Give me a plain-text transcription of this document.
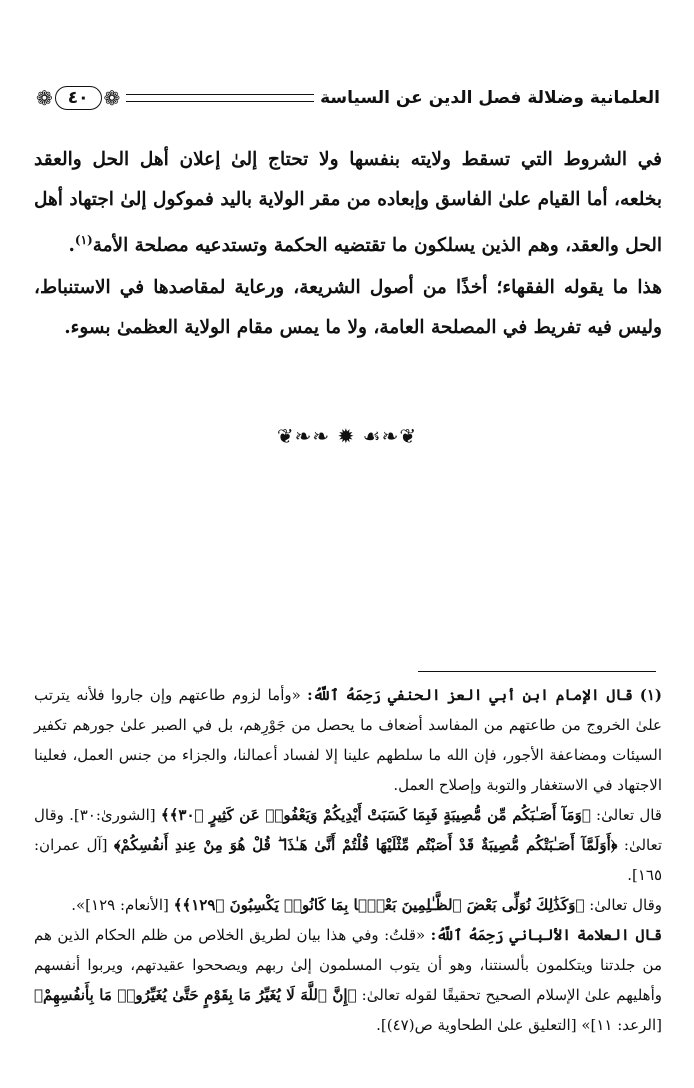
❁ ٤٠ ❁	العلمانية وضلالة فصل الدين عن السياسة

في الشروط التي تسقط ولايته بنفسها ولا تحتاج إلىٰ إعلان أهل الحل والعقد بخلعه، أما القيام علىٰ الفاسق وإبعاده من مقر الولاية باليد فموكول إلىٰ اجتهاد أهل الحل والعقد، وهم الذين يسلكون ما تقتضيه الحكمة وتستدعيه مصلحة الأمة$^{(١)}$.

هذا ما يقوله الفقهاء؛ أخذًا من أصول الشريعة، ورعاية لمقاصدها في الاستنباط، وليس فيه تفريط في المصلحة العامة، ولا ما يمس مقام الولاية العظمىٰ بسوء.

❦❧❧ ✹ ☙❧❦

(١) قال الإمام ابن أبي العز الحنفي رَحِمَهُ ٱللَّهُ: «وأما لزوم طاعتهم وإن جاروا فلأنه يترتب علىٰ الخروج من طاعتهم من المفاسد أضعاف ما يحصل من جَوْرِهم، بل في الصبر علىٰ جورهم تكفير السيئات ومضاعفة الأجور، فإن الله ما سلطهم علينا إلا لفساد أعمالنا، والجزاء من جنس العمل، فعلينا الاجتهاد في الاستغفار والتوبة وإصلاح العمل.

قال تعالىٰ: ﴿وَمَآ أَصَـٰبَكُم مِّن مُّصِيبَةٍ فَبِمَا كَسَبَتْ أَيْدِيكُمْ وَيَعْفُوا۟ عَن كَثِيرٍ ﴿٣٠﴾﴾ [الشورىٰ:٣٠]. وقال تعالىٰ: ﴿أَوَلَمَّآ أَصَـٰبَتْكُم مُّصِيبَةٌ قَدْ أَصَبْتُم مِّثْلَيْهَا قُلْتُمْ أَنَّىٰ هَـٰذَا ۖ قُلْ هُوَ مِنْ عِندِ أَنفُسِكُمْ﴾ [آل عمران: ١٦٥].

وقال تعالىٰ: ﴿وَكَذَٰلِكَ نُوَلِّى بَعْضَ ٱلظَّـٰلِمِينَ بَعْضًۢا بِمَا كَانُوا۟ يَكْسِبُونَ ﴿١٢٩﴾﴾ [الأنعام: ١٢٩]».

قال العلامة الألباني رَحِمَهُ ٱللَّهُ: «قلتُ: وفي هذا بيان لطريق الخلاص من ظلم الحكام الذين هم من جلدتنا ويتكلمون بألسنتنا، وهو أن يتوب المسلمون إلىٰ ربهم ويصححوا عقيدتهم، ويربوا أنفسهم وأهليهم علىٰ الإسلام الصحيح تحقيقًا لقوله تعالىٰ: ﴿إِنَّ ٱللَّهَ لَا يُغَيِّرُ مَا بِقَوْمٍ حَتَّىٰ يُغَيِّرُوا۟ مَا بِأَنفُسِهِمْ﴾ [الرعد: ١١]» [التعليق علىٰ الطحاوية ص(٤٧)].
